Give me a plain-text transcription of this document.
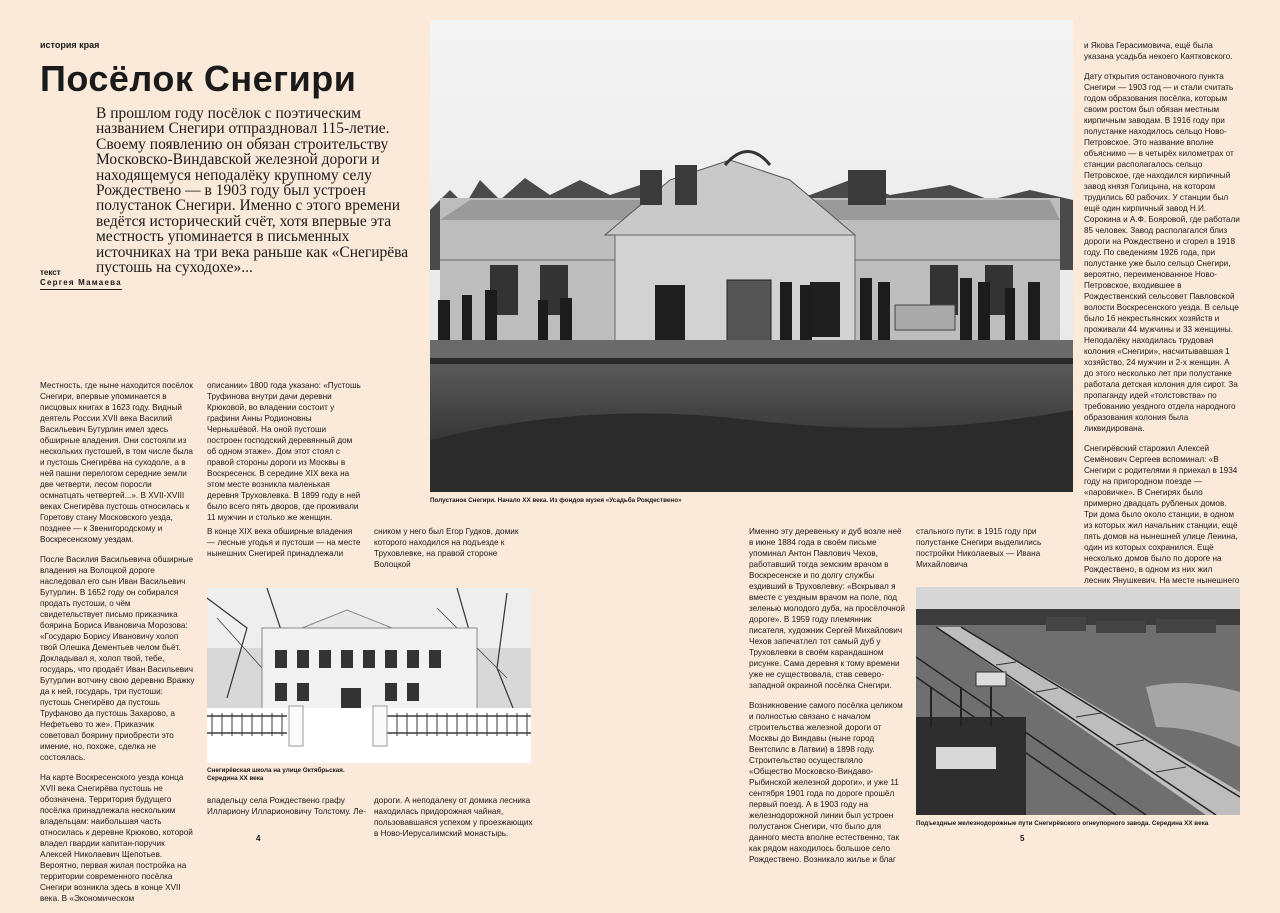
история края
Посёлок Снегири
В прошлом году посёлок с поэтическим названием Снегири отпраздновал 115-летие. Своему появлению он обязан строительству Московско-Виндавской железной дороги и находящемуся неподалёку крупному селу Рождествено — в 1903 году был устроен полустанок Снегири. Именно с этого времени ведётся исторический счёт, хотя впервые эта местность упоминается в письменных источниках на три века раньше как «Снегирёва пустошь на суходохе»...
текст
Сергея Мамаева

Местность, где ныне находится посёлок Снегири, впервые упоминается в писцовых книгах в 1623 году. Видный деятель России XVII века Василий Васильевич Бутурлин имел здесь обширные владения. Они состояли из нескольких пустошей, в том числе была и пустошь Снегирёва на суходоле, а в ней пашни перелогом середние земли две четверти, лесом поросли осмнатцать четвертей...». В XVII-XVIII веках Снегирёва пустошь относилась к Горетову стану Московского уезда, позднее — к Звенигородскому и Воскресенскому уездам.

После Василия Васильевича обширные владения на Волоцкой дороге наследовал его сын Иван Васильевич Бутурлин. В 1652 году он собирался продать пустоши, о чём свидетельствует письмо приказчика боярина Бориса Ивановича Морозова: «Государю Борису Ивановичу холоп твой Олешка Дементьев челом бьёт. Докладывал я, холоп твой, тебе, государь, что продаёт Иван Васильевич Бутурлин вотчину свою деревню Вражку да к ней, государь, три пустоши: пустошь Снегирёво да пустошь Труфаново да пустошь Захарово, а Нефетьево то же». Приказчик советовал боярину приобрести это имение, но, похоже, сделка не состоялась.

На карте Воскресенского уезда конца XVII века Снегирёва пустошь не обозначена. Территория будущего посёлка принадлежала нескольким владельцам: наибольшая часть относилась к деревне Крюково, которой владел гвардии капитан-поручик Алексей Николаевич Щепотьев. Вероятно, первая жилая постройка на территории современного посёлка Снегири возникла здесь в конце XVII века. В «Экономическом

описании» 1800 года указано: «Пустошь Труфинова внутри дачи деревни Крюковой, во владении состоит у графини Анны Родионовны Чернышёвой. На оной пустоши построен господский деревянный дом об одном этаже». Дом этот стоял с правой стороны дороги из Москвы в Воскресенск. В середине XIX века на этом месте возникла маленькая деревня Труховлевка. В 1899 году в ней было всего пять дворов, где проживали 11 мужчин и столько же женщин.

В конце XIX века обширные владения — лесные угодья и пустоши — на месте нынешних Снегирей принадлежали
сником у него был Егор Гудков, домик которого находился на подъезде к Труховлевке, на правой стороне Волоцкой
Снегирёвская школа на улице Октябрьская. Середина XX века
владельцу села Рождествено графу Иллариону Илларионовичу Толстому. Ле-
дороги. А неподалеку от домика лесника находилась придорожная чайная, пользовавшаяся успехом у проезжающих в Ново-Иерусалимский монастырь.
4
Полустанок Снегири. Начало XX века. Из фондов музея «Усадьба Рождествено»

и Якова Герасимовича, ещё была указана усадьба некоего Каятковского.

Дату открытия остановочного пункта Снегири — 1903 год — и стали считать годом образования посёлка, которым своим ростом был обязан местным кирпичным заводам. В 1916 году при полустанке находилось сельцо Ново-Петровское. Это название вполне объяснимо — в четырёх километрах от станции располагалось сельцо Петровское, где находился кирпичный завод князя Голицына, на котором трудились 60 рабочих. У станции был ещё один кирпичный завод Н.И. Сорокина и А.Ф. Бояровой, где работали 85 человек. Завод располагался близ дороги на Рождествено и сгорел в 1918 году. По сведениям 1926 года, при полустанке уже было сельцо Снегири, вероятно, переименованное Ново-Петровское, входившее в Рождественский сельсовет Павловской волости Воскресенского уезда. В сельце было 16 некрестьянских хозяйств и проживали 44 мужчины и 33 женщины. Неподалёку находилась трудовая колония «Снегири», насчитывавшая 1 хозяйство, 24 мужчин и 2-х женщин. А до этого несколько лет при полустанке работала детская колония для сирот. За пропаганду идей «толстовства» по требованию уездного отдела народного образования колония была ликвидирована.

Снегирёвский старожил Алексей Семёнович Сергеев вспоминал: «В Снегири с родителями я приехал в 1934 году на пригородном поезде — «паровичке». В Снегирях было примерно двадцать рубленых домов. Три дома было около станции, в одном из которых жил начальник станции, ещё пять домов на нынешней улице Ленина, один из которых сохранился. Ещё несколько домов было по дороге на Рождествено, в одном из них жил лесник Янушкевич. На месте нынешнего

Именно эту деревеньку и дуб возле неё в июне 1884 года в своём письме упоминал Антон Павлович Чехов, работавший тогда земским врачом в Воскресенске и по долгу службы ездивший в Труховлевку: «Вскрывал я вместе с уездным врачом на поле, под зеленью молодого дуба, на просёлочной дороге». В 1959 году племянник писателя, художник Сергей Михайлович Чехов запечатлел тот самый дуб у Труховлевки в своём карандашном рисунке. Сама деревня к тому времени уже не существовала, став северо-западной окраиной посёлка Снегири.

Возникновение самого посёлка целиком и полностью связано с началом строительства железной дороги от Москвы до Виндавы (ныне город Вентспилс в Латвии) в 1898 году. Строительство осуществляло «Общество Московско-Виндаво-Рыбинской железной дороги», и уже 11 сентября 1901 года по дороге прошёл первый поезд. А в 1903 году на железнодорожной линии был устроен полустанок Снегири, что было для данного места вполне естественно, так как рядом находилось большое село Рождествено. Возникало жилье и благ

стального пути: в 1915 году при полустанке Снегири выделились постройки Николаевых — Ивана Михайловича
Подъездные железнодорожные пути Снегирёвского огнеупорного завода. Середина XX века
5
